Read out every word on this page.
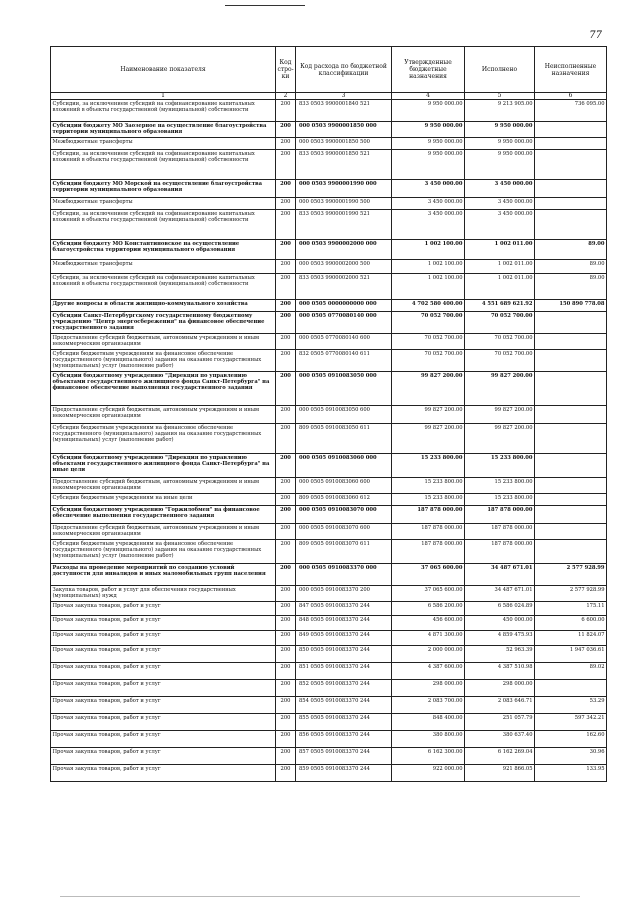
77
Наименование показателя	Код стро-ки	Код расхода по бюджетной классификации	Утвержденные бюджетные назначения	Исполнено	Неисполненные назначения
1	2	3	4	5	6
Субсидии, за исключением субсидий на софинансирование капитальных вложений в объекты государственной (муниципальной) собственности	200	833 0503 9900001840 521	9 950 000.00	9 213 905.00	736 095.00
Субсидии бюджету МО Заозерное на осуществление благоустройства территории муниципального образования	200	000 0503 9900001850 000	9 950 000.00	9 950 000.00	
Межбюджетные трансферты	200	000 0503 9900001850 500	9 950 000.00	9 950 000.00	
Субсидии, за исключением субсидий на софинансирование капитальных вложений в объекты государственной (муниципальной) собственности	200	833 0503 9900001850 521	9 950 000.00	9 950 000.00	
Субсидии бюджету МО Морской на осуществление благоустройства территории муниципального образования	200	000 0503 9900001990 000	3 450 000.00	3 450 000.00	
Межбюджетные трансферты	200	000 0503 9900001990 500	3 450 000.00	3 450 000.00	
Субсидии, за исключением субсидий на софинансирование капитальных вложений в объекты государственной (муниципальной) собственности	200	833 0503 9900001990 521	3 450 000.00	3 450 000.00	
Субсидии бюджету МО Константиновское на осуществление благоустройства территории муниципального образования	200	000 0503 9900002000 000	1 002 100.00	1 002 011.00	89.00
Межбюджетные трансферты	200	000 0503 9900002000 500	1 002 100.00	1 002 011.00	89.00
Субсидии, за исключением субсидий на софинансирование капитальных вложений в объекты государственной (муниципальной) собственности	200	833 0503 9900002000 521	1 002 100.00	1 002 011.00	89.00
Другие вопросы в области жилищно-коммунального хозяйства	200	000 0505 0000000000 000	4 702 580 400.00	4 551 689 621.92	150 890 778.08
Субсидии Санкт-Петербургскому государственному бюджетному учреждению "Центр энергосбережения" на финансовое обеспечение государственного задания	200	000 0505 0770080140 000	70 052 700.00	70 052 700.00	
Предоставление субсидий бюджетным, автономным учреждениям и иным некоммерческим организациям	200	000 0505 0770080140 600	70 052 700.00	70 052 700.00	
Субсидии бюджетным учреждениям на финансовое обеспечение государственного (муниципального) задания на оказание государственных (муниципальных) услуг (выполнение работ)	200	832 0505 0770080140 611	70 052 700.00	70 052 700.00	
Субсидии бюджетному учреждению "Дирекция по управлению объектами государственного жилищного фонда Санкт-Петербурга" на финансовое обеспечение выполнения государственного задания	200	000 0505 0910083050 000	99 827 200.00	99 827 200.00	
Предоставление субсидий бюджетным, автономным учреждениям и иным некоммерческим организациям	200	000 0505 0910083050 600	99 827 200.00	99 827 200.00	
Субсидии бюджетным учреждениям на финансовое обеспечение государственного (муниципального) задания на оказание государственных (муниципальных) услуг (выполнение работ)	200	809 0505 0910083050 611	99 827 200.00	99 827 200.00	
Субсидии бюджетному учреждению "Дирекция по управлению объектами государственного жилищного фонда Санкт-Петербурга" на иные цели	200	000 0505 0910083060 000	15 233 800.00	15 233 800.00	
Предоставление субсидий бюджетным, автономным учреждениям и иным некоммерческим организациям	200	000 0505 0910083060 600	15 233 800.00	15 233 800.00	
Субсидии бюджетным учреждениям на иные цели	200	809 0505 0910083060 612	15 233 800.00	15 233 800.00	
Субсидии бюджетному учреждению "Горжилобмен" на финансовое обеспечение выполнения государственного задания	200	000 0505 0910083070 000	187 878 000.00	187 878 000.00	
Предоставление субсидий бюджетным, автономным учреждениям и иным некоммерческим организациям	200	000 0505 0910083070 600	187 878 000.00	187 878 000.00	
Субсидии бюджетным учреждениям на финансовое обеспечение государственного (муниципального) задания на оказание государственных (муниципальных) услуг (выполнение работ)	200	809 0505 0910083070 611	187 878 000.00	187 878 000.00	
Расходы на проведение мероприятий по созданию условий доступности для инвалидов и иных маломобильных групп населения	200	000 0505 0910083370 000	37 065 600.00	34 487 671.01	2 577 928.99
Закупка товаров, работ и услуг для обеспечения государственных (муниципальных) нужд	200	000 0505 0910083370 200	37 065 600.00	34 487 671.01	2 577 928.99
Прочая закупка товаров, работ и услуг	200	847 0505 0910083370 244	6 586 200.00	6 586 024.89	175.11
Прочая закупка товаров, работ и услуг	200	848 0505 0910083370 244	456 600.00	450 000.00	6 600.00
Прочая закупка товаров, работ и услуг	200	849 0505 0910083370 244	4 871 300.00	4 859 475.93	11 824.07
Прочая закупка товаров, работ и услуг	200	850 0505 0910083370 244	2 000 000.00	52 963.39	1 947 036.61
Прочая закупка товаров, работ и услуг	200	851 0505 0910083370 244	4 387 600.00	4 387 510.98	89.02
Прочая закупка товаров, работ и услуг	200	852 0505 0910083370 244	298 000.00	298 000.00	
Прочая закупка товаров, работ и услуг	200	854 0505 0910083370 244	2 083 700.00	2 083 646.71	53.29
Прочая закупка товаров, работ и услуг	200	855 0505 0910083370 244	848 400.00	251 057.79	597 342.21
Прочая закупка товаров, работ и услуг	200	856 0505 0910083370 244	380 800.00	380 637.40	162.60
Прочая закупка товаров, работ и услуг	200	857 0505 0910083370 244	6 162 300.00	6 162 269.04	30.96
Прочая закупка товаров, работ и услуг	200	859 0505 0910083370 244	922 000.00	921 866.05	133.95
